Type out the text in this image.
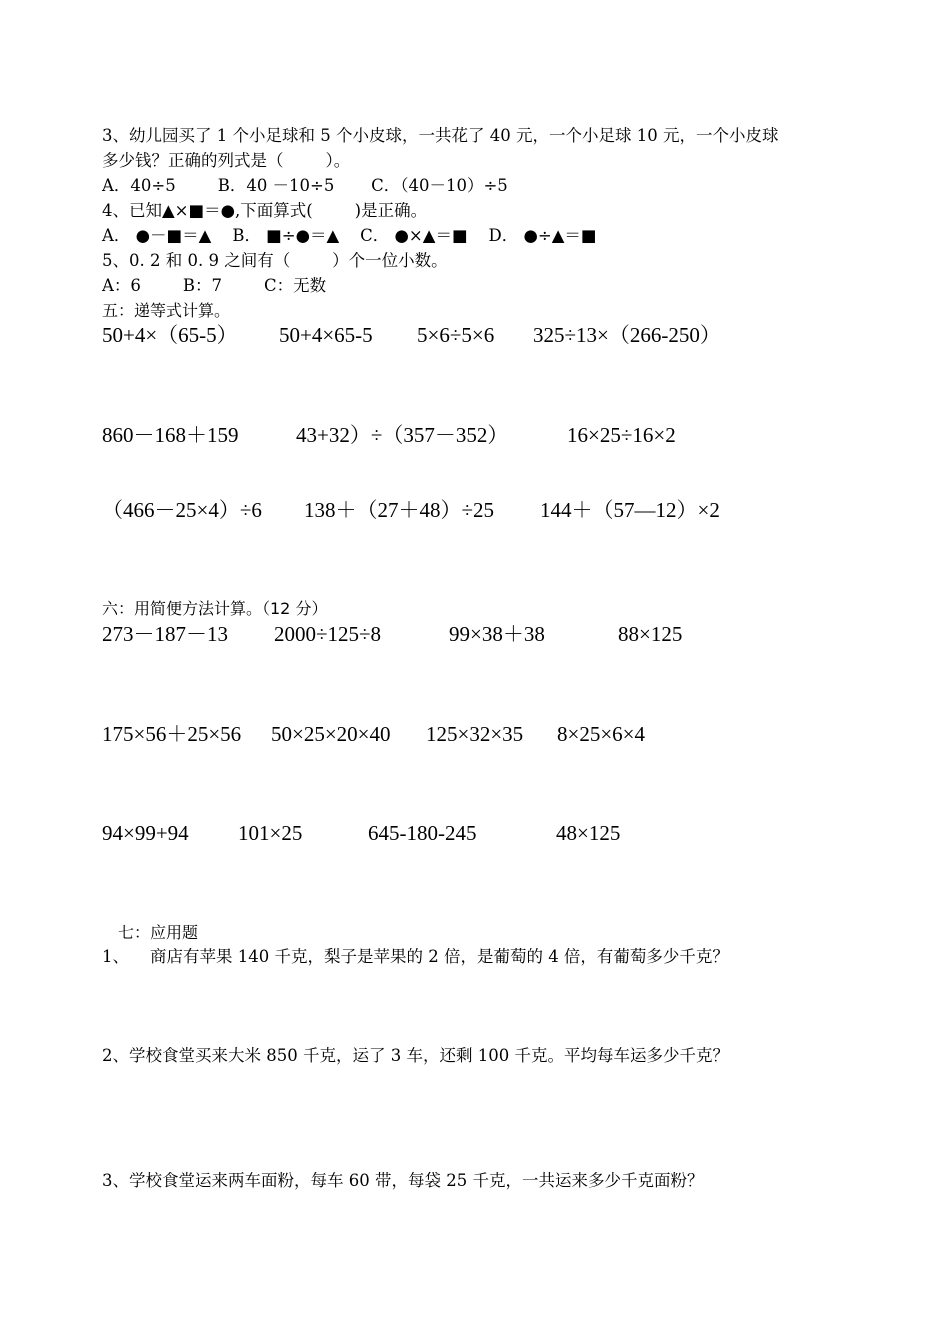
3、幼儿园买了 1 个小足球和 5 个小皮球，一共花了 40 元，一个小足球 10 元，一个小皮球
多少钱？正确的列式是（        ）。
A．40÷5        B．40 －10÷5       C．（40－10）÷5
4、已知▲×■＝●,下面算式(        )是正确。
A． ●－■＝▲    B． ■÷●＝▲    C． ●×▲＝■    D． ●÷▲＝■
5、0. 2 和 0. 9 之间有（        ）个一位小数。
A：6        B：7        C：无数
五：递等式计算。
50+4×（65-5） 50+4×65-5 5×6÷5×6 325÷13×（266-250）
860－168＋159	43+32）÷（357－352）	16×25÷16×2
（466－25×4）÷6 138＋（27＋48）÷25 144＋（57—12）×2
六：用简便方法计算。（12 分）
273－187－13 2000÷125÷8	99×38＋38	88×125
175×56＋25×56 50×25×20×40 125×32×35 8×25×6×4
94×99+94 101×25	645-180-245	48×125
七：应用题
1、    商店有苹果 140 千克，梨子是苹果的 2 倍，是葡萄的 4 倍，有葡萄多少千克？
2、学校食堂买来大米 850 千克，运了 3 车，还剩 100 千克。平均每车运多少千克？
3、学校食堂运来两车面粉，每车 60 带，每袋 25 千克，一共运来多少千克面粉？
